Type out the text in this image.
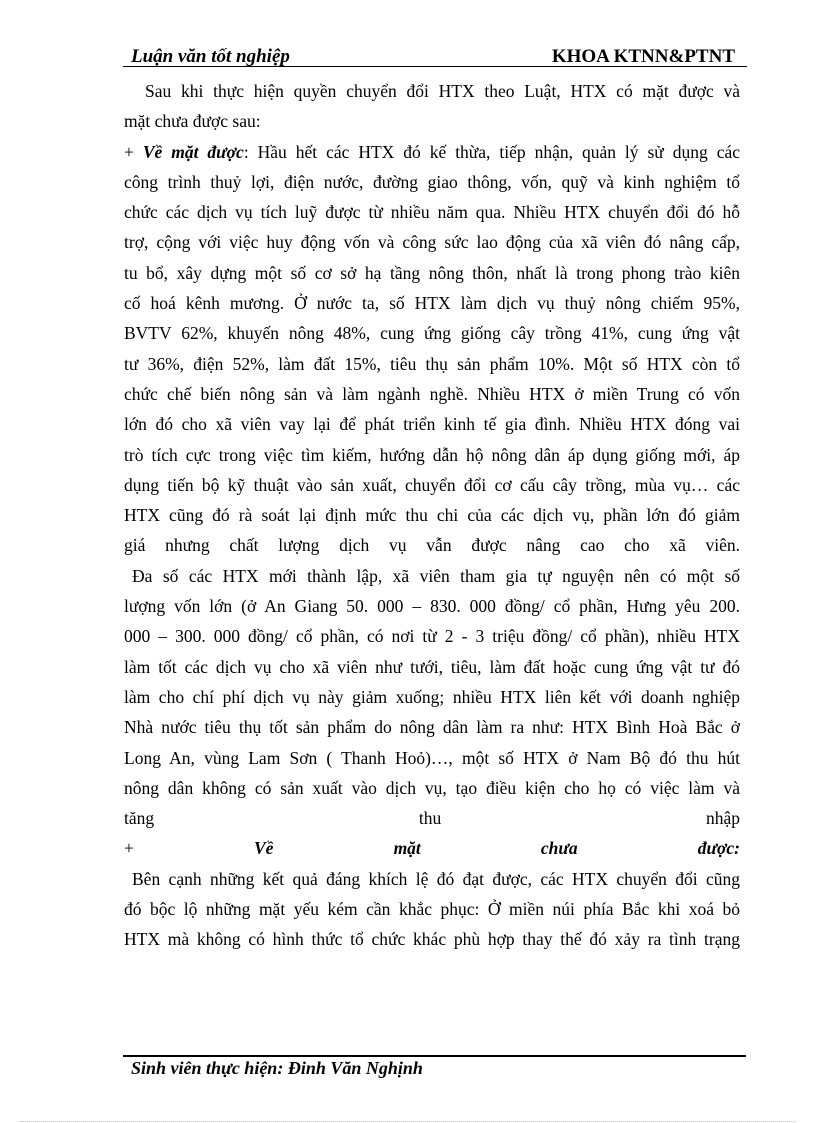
Luận văn tốt nghiệp	KHOA KTNN&PTNT
Sau khi thực hiện quyền chuyển đổi HTX theo Luật, HTX có mặt được và
mặt chưa được sau:
+ Về mặt được: Hầu hết các HTX đó kế thừa, tiếp nhận, quản lý sử dụng các
công trình thuỷ lợi, điện nước, đường giao thông, vốn, quỹ và kinh nghiệm tổ
chức các dịch vụ tích luỹ được từ nhiều năm qua. Nhiều HTX chuyển đổi đó hỗ
trợ, cộng với việc huy động vốn và công sức lao động của xã viên đó nâng cấp,
tu bổ, xây dựng một số cơ sở hạ tầng nông thôn, nhất là trong phong trào kiên
cố hoá kênh mương. Ở nước ta, số HTX làm dịch vụ thuỷ nông chiếm 95%,
BVTV 62%, khuyến nông 48%, cung ứng giống cây trồng 41%, cung ứng vật
tư 36%, điện 52%, làm đất 15%, tiêu thụ sản phẩm 10%. Một số HTX còn tổ
chức chế biến nông sản và làm ngành nghề. Nhiều HTX ở miền Trung có vốn
lớn đó cho xã viên vay lại để phát triển kinh tế gia đình. Nhiều HTX đóng vai
trò tích cực trong việc tìm kiếm, hướng dẫn hộ nông dân áp dụng giống mới, áp
dụng tiến bộ kỹ thuật vào sản xuất, chuyển đổi cơ cấu cây trồng, mùa vụ… các
HTX cũng đó rà soát lại định mức thu chi của các dịch vụ, phần lớn đó giảm
giá nhưng chất lượng dịch vụ vẫn được nâng cao cho xã viên.
Đa số các HTX mới thành lập, xã viên tham gia tự nguyện nên có một số
lượng vốn lớn (ở An Giang 50. 000 – 830. 000 đồng/ cổ phần, Hưng yêu 200.
000 – 300. 000 đồng/ cổ phần, có nơi từ 2 - 3 triệu đồng/ cổ phần), nhiều HTX
làm tốt các dịch vụ cho xã viên như tưới, tiêu, làm đất hoặc cung ứng vật tư đó
làm cho chí phí dịch vụ này giảm xuống; nhiều HTX liên kết với doanh nghiệp
Nhà nước tiêu thụ tốt sản phẩm do nông dân làm ra như: HTX Bình Hoà Bắc ở
Long An, vùng Lam Sơn ( Thanh Hoỏ)…, một số HTX ở Nam Bộ đó thu hút
nông dân không có sản xuất vào dịch vụ, tạo điều kiện cho họ có việc làm và
tăng thu nhập
+ Về mặt chưa được:
Bên cạnh những kết quả đáng khích lệ đó đạt được, các HTX chuyển đổi cũng
đó bộc lộ những mặt yếu kém cần khắc phục: Ở miền núi phía Bắc khi xoá bỏ
HTX mà không có hình thức tổ chức khác phù hợp thay thế đó xảy ra tình trạng
Sinh viên thực hiện: Đinh Văn Nghịnh
